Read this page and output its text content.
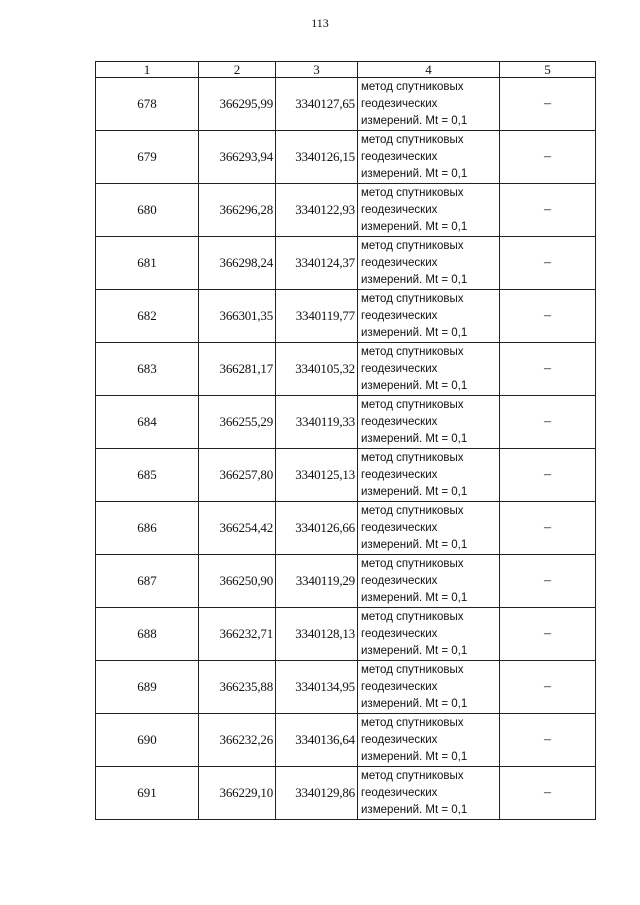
113
1	2	3	4	5
678	366295,99	3340127,65	метод спутниковых
геодезических
измерений. Mt = 0,1	–
679	366293,94	3340126,15	метод спутниковых
геодезических
измерений. Mt = 0,1	–
680	366296,28	3340122,93	метод спутниковых
геодезических
измерений. Mt = 0,1	–
681	366298,24	3340124,37	метод спутниковых
геодезических
измерений. Mt = 0,1	–
682	366301,35	3340119,77	метод спутниковых
геодезических
измерений. Mt = 0,1	–
683	366281,17	3340105,32	метод спутниковых
геодезических
измерений. Mt = 0,1	–
684	366255,29	3340119,33	метод спутниковых
геодезических
измерений. Mt = 0,1	–
685	366257,80	3340125,13	метод спутниковых
геодезических
измерений. Mt = 0,1	–
686	366254,42	3340126,66	метод спутниковых
геодезических
измерений. Mt = 0,1	–
687	366250,90	3340119,29	метод спутниковых
геодезических
измерений. Mt = 0,1	–
688	366232,71	3340128,13	метод спутниковых
геодезических
измерений. Mt = 0,1	–
689	366235,88	3340134,95	метод спутниковых
геодезических
измерений. Mt = 0,1	–
690	366232,26	3340136,64	метод спутниковых
геодезических
измерений. Mt = 0,1	–
691	366229,10	3340129,86	метод спутниковых
геодезических
измерений. Mt = 0,1	–
